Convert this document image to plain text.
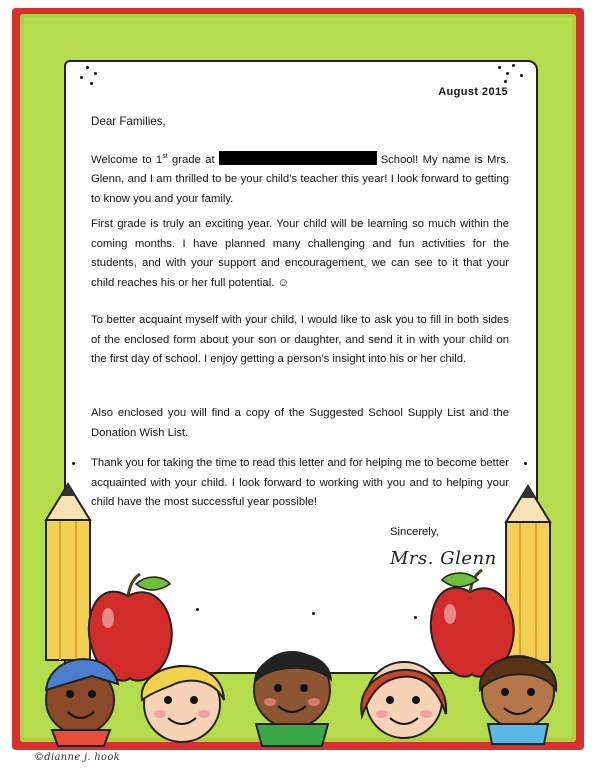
August 2015
Dear Families,

Welcome to 1st grade at	School! My name is Mrs. Glenn, and I am thrilled to be your child's teacher this year! I look forward to getting to know you and your family.

First grade is truly an exciting year. Your child will be learning so much within the coming months. I have planned many challenging and fun activities for the students, and with your support and encouragement, we can see to it that your child reaches his or her full potential. ☺

To better acquaint myself with your child, I would like to ask you to fill in both sides of the enclosed form about your son or daughter, and send it in with your child on the first day of school. I enjoy getting a person's insight into his or her child.

Also enclosed you will find a copy of the Suggested School Supply List and the Donation Wish List.

Thank you for taking the time to read this letter and for helping me to become better acquainted with your child. I look forward to working with you and to helping your child have the most successful year possible!

Sincerely,
Mrs. Glenn
©dianne j. hook
